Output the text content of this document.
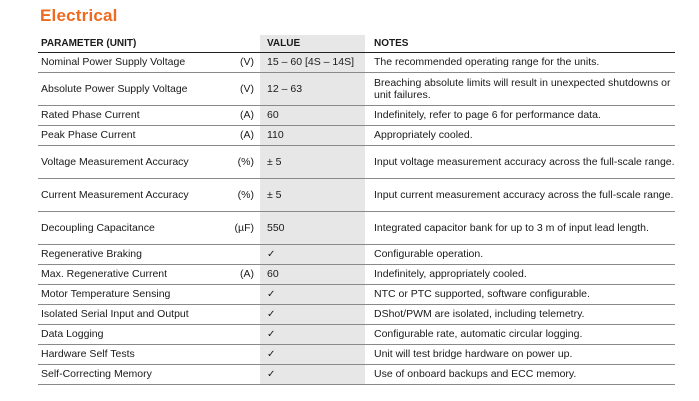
Electrical
PARAMETER (UNIT)		VALUE	NOTES
Nominal Power Supply Voltage	(V)	15 – 60 [4S – 14S]	The recommended operating range for the units.
Absolute Power Supply Voltage	(V)	12 – 63	Breaching absolute limits will result in unexpected shutdowns or unit failures.
Rated Phase Current	(A)	60	Indefinitely, refer to page 6 for performance data.
Peak Phase Current	(A)	110	Appropriately cooled.
Voltage Measurement Accuracy	(%)	± 5	Input voltage measurement accuracy across the full-scale range.
Current Measurement Accuracy	(%)	± 5	Input current measurement accuracy across the full-scale range.
Decoupling Capacitance	(µF)	550	Integrated capacitor bank for up to 3 m of input lead length.
Regenerative Braking		✓	Configurable operation.
Max. Regenerative Current	(A)	60	Indefinitely, appropriately cooled.
Motor Temperature Sensing		✓	NTC or PTC supported, software configurable.
Isolated Serial Input and Output		✓	DShot/PWM are isolated, including telemetry.
Data Logging		✓	Configurable rate, automatic circular logging.
Hardware Self Tests		✓	Unit will test bridge hardware on power up.
Self-Correcting Memory		✓	Use of onboard backups and ECC memory.
